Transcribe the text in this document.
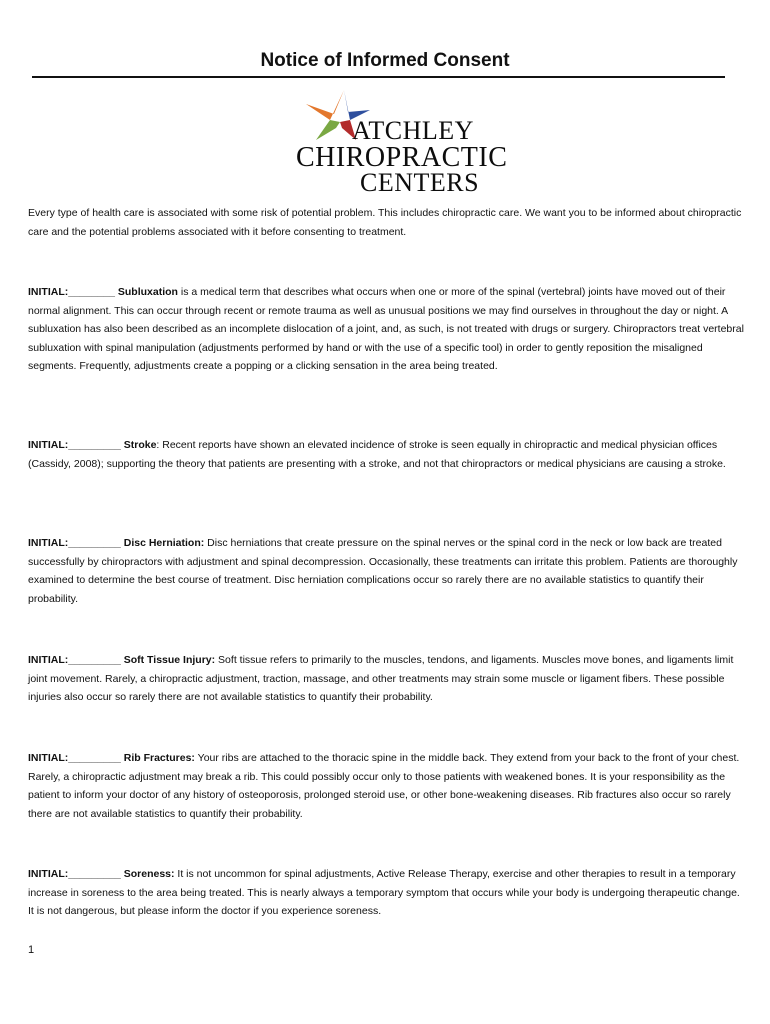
Notice of Informed Consent
ATCHLEY
CHIROPRACTIC
CENTERS
Every type of health care is associated with some risk of potential problem. This includes chiropractic care. We want you to be informed about chiropractic care and the potential problems associated with it before consenting to treatment.
INITIAL:________ Subluxation is a medical term that describes what occurs when one or more of the spinal (vertebral) joints have moved out of their normal alignment. This can occur through recent or remote trauma as well as unusual positions we may find ourselves in throughout the day or night. A subluxation has also been described as an incomplete dislocation of a joint, and, as such, is not treated with drugs or surgery. Chiropractors treat vertebral subluxation with spinal manipulation (adjustments performed by hand or with the use of a specific tool) in order to gently reposition the misaligned segments. Frequently, adjustments create a popping or a clicking sensation in the area being treated.
INITIAL:_________ Stroke: Recent reports have shown an elevated incidence of stroke is seen equally in chiropractic and medical physician offices (Cassidy, 2008); supporting the theory that patients are presenting with a stroke, and not that chiropractors or medical physicians are causing a stroke.
INITIAL:_________ Disc Herniation: Disc herniations that create pressure on the spinal nerves or the spinal cord in the neck or low back are treated successfully by chiropractors with adjustment and spinal decompression. Occasionally, these treatments can irritate this problem. Patients are thoroughly examined to determine the best course of treatment. Disc herniation complications occur so rarely there are no available statistics to quantify their probability.
INITIAL:_________ Soft Tissue Injury: Soft tissue refers to primarily to the muscles, tendons, and ligaments. Muscles move bones, and ligaments limit joint movement. Rarely, a chiropractic adjustment, traction, massage, and other treatments may strain some muscle or ligament fibers. These possible injuries also occur so rarely there are not available statistics to quantify their probability.
INITIAL:_________ Rib Fractures: Your ribs are attached to the thoracic spine in the middle back. They extend from your back to the front of your chest. Rarely, a chiropractic adjustment may break a rib. This could possibly occur only to those patients with weakened bones. It is your responsibility as the patient to inform your doctor of any history of osteoporosis, prolonged steroid use, or other bone-weakening diseases. Rib fractures also occur so rarely there are not available statistics to quantify their probability.
INITIAL:_________ Soreness: It is not uncommon for spinal adjustments, Active Release Therapy, exercise and other therapies to result in a temporary increase in soreness to the area being treated. This is nearly always a temporary symptom that occurs while your body is undergoing therapeutic change. It is not dangerous, but please inform the doctor if you experience soreness.
1
